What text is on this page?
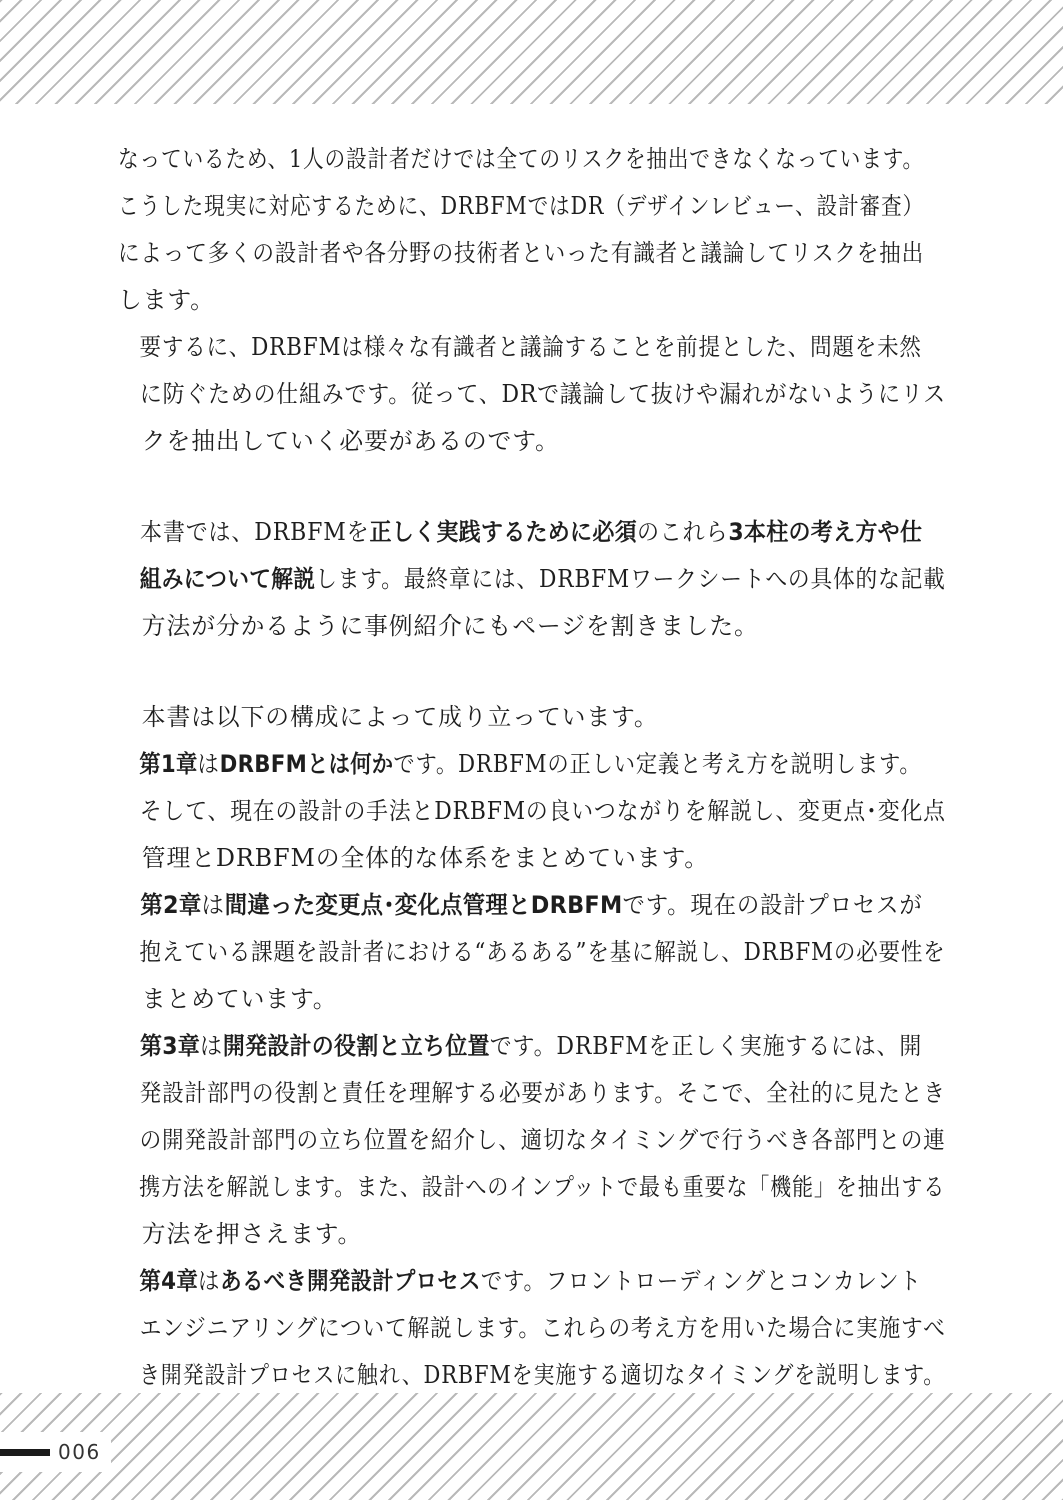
なっているため、1人の設計者だけでは全てのリスクを抽出できなくなっています。
こうした現実に対応するために、DRBFMではDR（デザインレビュー、設計審査）
によって多くの設計者や各分野の技術者といった有識者と議論してリスクを抽出
します。

要するに、DRBFMは様々な有識者と議論することを前提とした、問題を未然
に防ぐための仕組みです。従って、DRで議論して抜けや漏れがないようにリス
クを抽出していく必要があるのです。

本書では、DRBFMを正しく実践するために必須のこれら3本柱の考え方や仕
組みについて解説します。最終章には、DRBFMワークシートへの具体的な記載
方法が分かるように事例紹介にもページを割きました。

本書は以下の構成によって成り立っています。

第1章はDRBFMとは何かです。DRBFMの正しい定義と考え方を説明します。
そして、現在の設計の手法とDRBFMの良いつながりを解説し、変更点･変化点
管理とDRBFMの全体的な体系をまとめています。

第2章は間違った変更点･変化点管理とDRBFMです。現在の設計プロセスが
抱えている課題を設計者における“あるある”を基に解説し、DRBFMの必要性を
まとめています。

第3章は開発設計の役割と立ち位置です。DRBFMを正しく実施するには、開
発設計部門の役割と責任を理解する必要があります。そこで、全社的に見たとき
の開発設計部門の立ち位置を紹介し、適切なタイミングで行うべき各部門との連
携方法を解説します。また、設計へのインプットで最も重要な「機能」を抽出する
方法を押さえます。

第4章はあるべき開発設計プロセスです。フロントローディングとコンカレント
エンジニアリングについて解説します。これらの考え方を用いた場合に実施すべ
き開発設計プロセスに触れ、DRBFMを実施する適切なタイミングを説明します。

006
